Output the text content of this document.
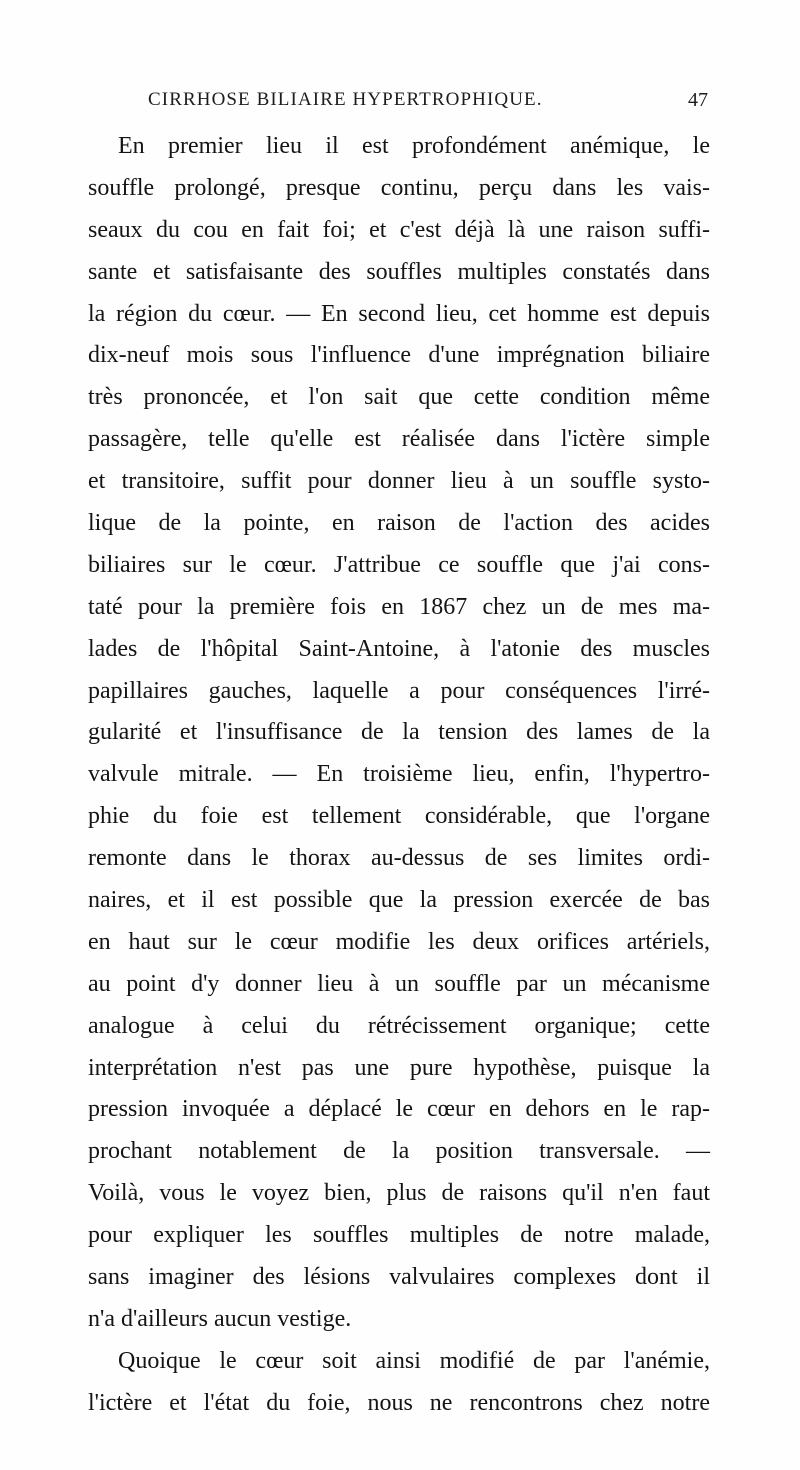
CIRRHOSE BILIAIRE HYPERTROPHIQUE.	47
En premier lieu il est profondément anémique, le
souffle prolongé, presque continu, perçu dans les vais-
seaux du cou en fait foi; et c'est déjà là une raison suffi-
sante et satisfaisante des souffles multiples constatés dans
la région du cœur. — En second lieu, cet homme est depuis
dix-neuf mois sous l'influence d'une imprégnation biliaire
très prononcée, et l'on sait que cette condition même
passagère, telle qu'elle est réalisée dans l'ictère simple
et transitoire, suffit pour donner lieu à un souffle systo-
lique de la pointe, en raison de l'action des acides
biliaires sur le cœur. J'attribue ce souffle que j'ai cons-
taté pour la première fois en 1867 chez un de mes ma-
lades de l'hôpital Saint-Antoine, à l'atonie des muscles
papillaires gauches, laquelle a pour conséquences l'irré-
gularité et l'insuffisance de la tension des lames de la
valvule mitrale. — En troisième lieu, enfin, l'hypertro-
phie du foie est tellement considérable, que l'organe
remonte dans le thorax au-dessus de ses limites ordi-
naires, et il est possible que la pression exercée de bas
en haut sur le cœur modifie les deux orifices artériels,
au point d'y donner lieu à un souffle par un mécanisme
analogue à celui du rétrécissement organique; cette
interprétation n'est pas une pure hypothèse, puisque la
pression invoquée a déplacé le cœur en dehors en le rap-
prochant notablement de la position transversale. —
Voilà, vous le voyez bien, plus de raisons qu'il n'en faut
pour expliquer les souffles multiples de notre malade,
sans imaginer des lésions valvulaires complexes dont il
n'a d'ailleurs aucun vestige.
Quoique le cœur soit ainsi modifié de par l'anémie,
l'ictère et l'état du foie, nous ne rencontrons chez notre
